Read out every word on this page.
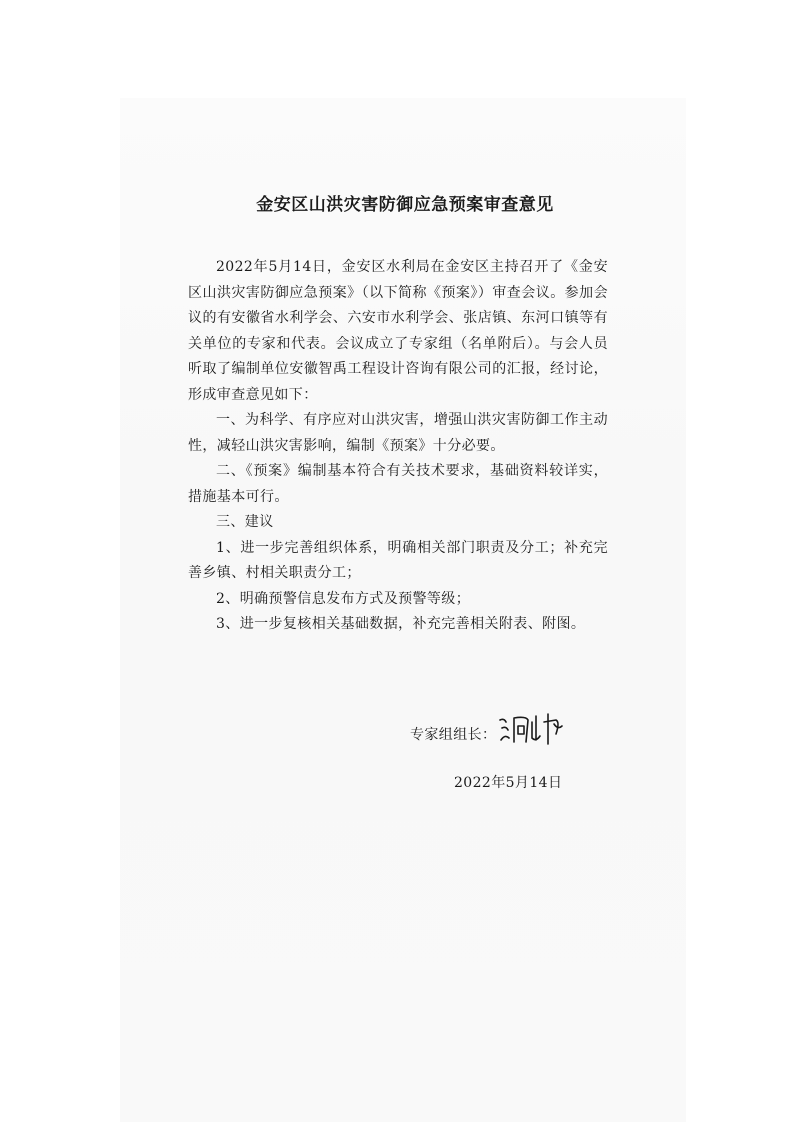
金安区山洪灾害防御应急预案审查意见

2022年5月14日，金安区水利局在金安区主持召开了《金安区山洪灾害防御应急预案》（以下简称《预案》）审查会议。参加会议的有安徽省水利学会、六安市水利学会、张店镇、东河口镇等有关单位的专家和代表。会议成立了专家组（名单附后）。与会人员听取了编制单位安徽智禹工程设计咨询有限公司的汇报，经讨论，形成审查意见如下：

一、为科学、有序应对山洪灾害，增强山洪灾害防御工作主动性，减轻山洪灾害影响，编制《预案》十分必要。

二、《预案》编制基本符合有关技术要求，基础资料较详实，措施基本可行。

三、建议

1、进一步完善组织体系，明确相关部门职责及分工；补充完善乡镇、村相关职责分工；

2、明确预警信息发布方式及预警等级；

3、进一步复核相关基础数据，补充完善相关附表、附图。

专家组组长：
2022年5月14日
